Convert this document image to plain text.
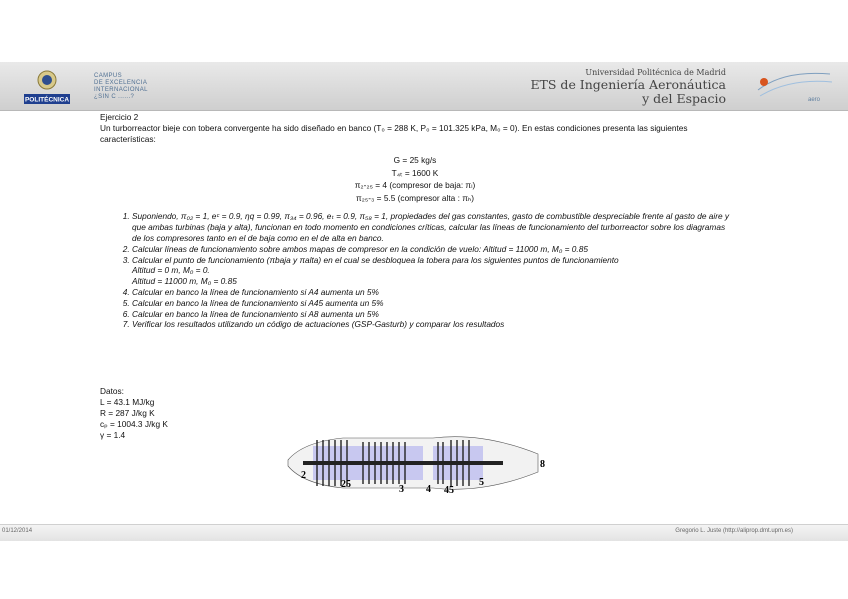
POLITÉCNICA
CAMPUS
DE EXCELENCIA
INTERNACIONAL
¿SIN C ......?
Universidad Politécnica de Madrid
ETS de Ingeniería Aeronáutica
y del Espacio	aero

Ejercicio 2

Un turborreactor bieje con tobera convergente ha sido diseñado en banco (T₀ = 288 K, P₀ = 101.325 kPa, M₀ = 0). En estas condiciones presenta las siguientes características:

G = 25 kg/s
T₄ₜ = 1600 K
π₂-₂₅ = 4 (compresor de baja: πₗ)
π₂₅-₃ = 5.5 (compresor alta : πₕ)
1. Suponiendo, π₀₂ = 1, eᶜ = 0.9, ηq = 0.99, π₃₄ = 0.96, eₜ = 0.9, π₅₈ = 1, propiedades del gas constantes, gasto de combustible despreciable frente al gasto de aire y que ambas turbinas (baja y alta), funcionan en todo momento en condiciones críticas, calcular las líneas de funcionamiento del turborreactor sobre los diagramas de los compresores tanto en el de baja como en el de alta en banco.
2. Calcular líneas de funcionamiento sobre ambos mapas de compresor en la condición de vuelo: Altitud = 11000 m, M₀ = 0.85
3. Calcular el punto de funcionamiento (πbaja y πalta) en el cual se desbloquea la tobera para los siguientes puntos de funcionamiento
Altitud = 0 m, M₀ = 0.
Altitud = 11000 m, M₀ = 0.85
4. Calcular en banco la línea de funcionamiento si A4 aumenta un 5%
5. Calcular en banco la línea de funcionamiento si A45 aumenta un 5%
6. Calcular en banco la línea de funcionamiento si A8 aumenta un 5%
7. Verificar los resultados utilizando un código de actuaciones (GSP-Gasturb) y comparar los resultados
Datos:
L = 43.1 MJ/kg
R = 287 J/kg K
cₚ = 1004.3 J/kg K
γ = 1.4
2
25	3 4 45
5
8
01/12/2014	Gregorio L. Juste (http://aliprop.dmt.upm.es)
